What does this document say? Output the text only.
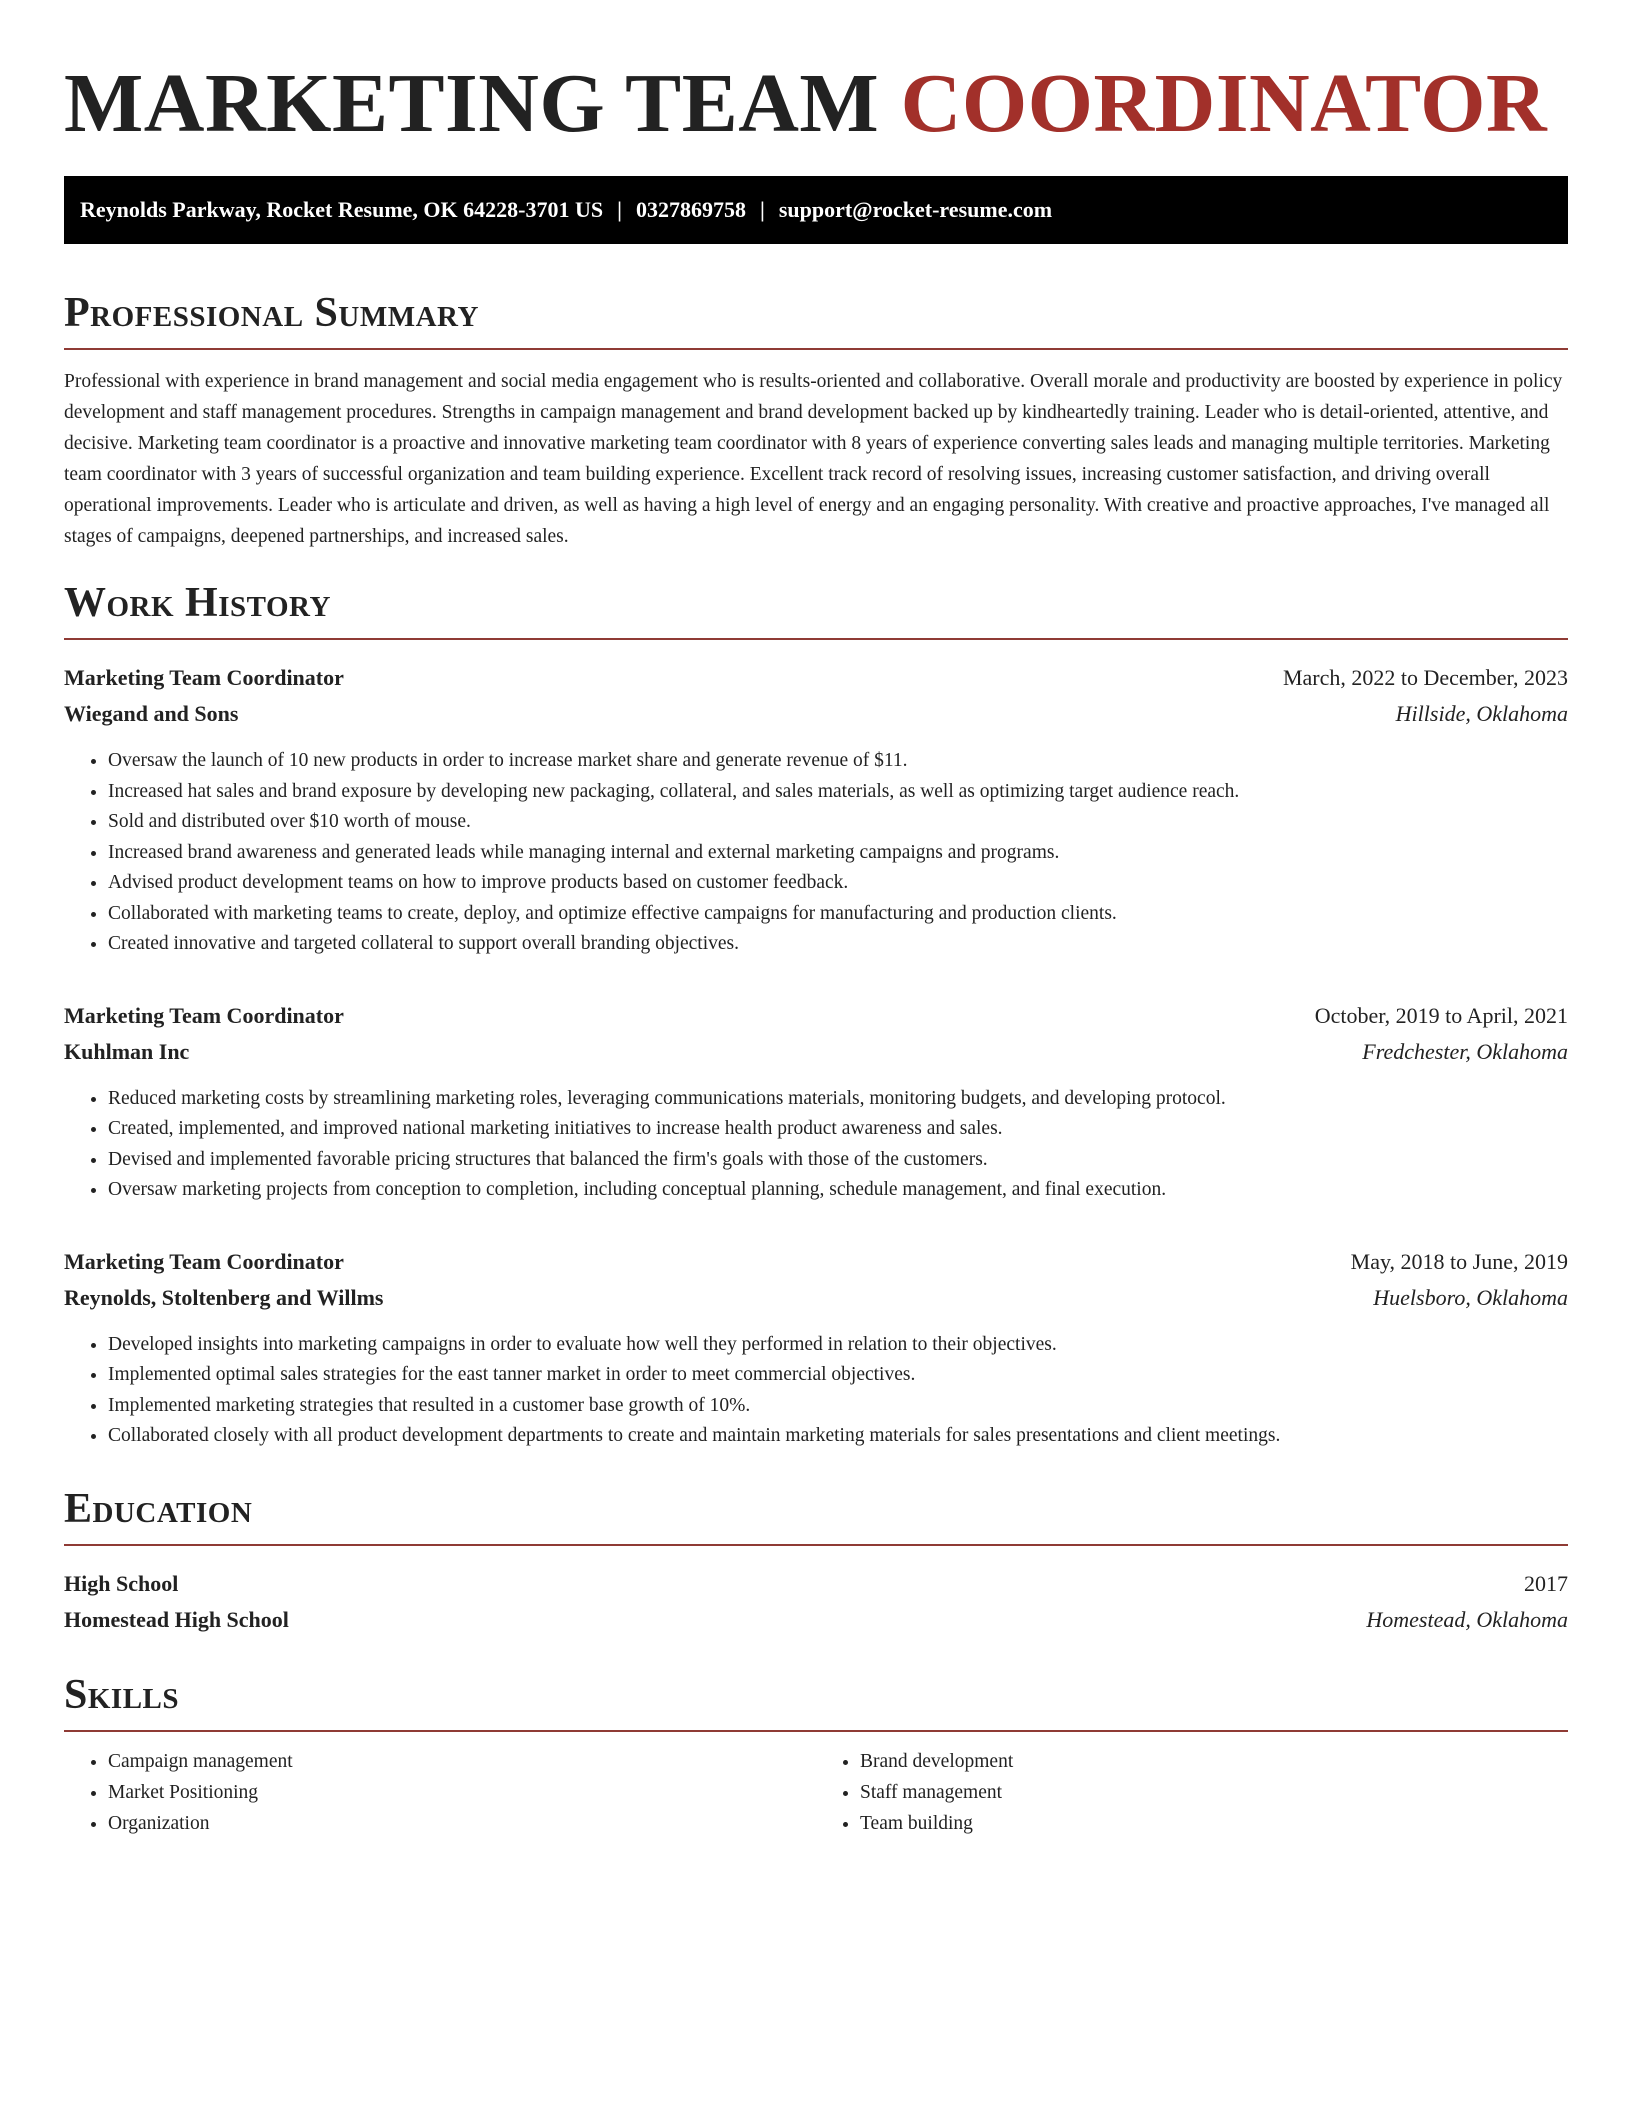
MARKETING TEAM COORDINATOR
Reynolds Parkway, Rocket Resume, OK 64228-3701 US | 0327869758 | support@rocket-resume.com
Professional Summary

Professional with experience in brand management and social media engagement who is results-oriented and collaborative. Overall morale and productivity are boosted by experience in policy development and staff management procedures. Strengths in campaign management and brand development backed up by kindheartedly training. Leader who is detail-oriented, attentive, and decisive. Marketing team coordinator is a proactive and innovative marketing team coordinator with 8 years of experience converting sales leads and managing multiple territories. Marketing team coordinator with 3 years of successful organization and team building experience. Excellent track record of resolving issues, increasing customer satisfaction, and driving overall operational improvements. Leader who is articulate and driven, as well as having a high level of energy and an engaging personality. With creative and proactive approaches, I've managed all stages of campaigns, deepened partnerships, and increased sales.

Work History
Marketing Team Coordinator	March, 2022 to December, 2023
Wiegand and Sons	Hillside, Oklahoma
• Oversaw the launch of 10 new products in order to increase market share and generate revenue of $11.
• Increased hat sales and brand exposure by developing new packaging, collateral, and sales materials, as well as optimizing target audience reach.
• Sold and distributed over $10 worth of mouse.
• Increased brand awareness and generated leads while managing internal and external marketing campaigns and programs.
• Advised product development teams on how to improve products based on customer feedback.
• Collaborated with marketing teams to create, deploy, and optimize effective campaigns for manufacturing and production clients.
• Created innovative and targeted collateral to support overall branding objectives.
Marketing Team Coordinator	October, 2019 to April, 2021
Kuhlman Inc	Fredchester, Oklahoma
• Reduced marketing costs by streamlining marketing roles, leveraging communications materials, monitoring budgets, and developing protocol.
• Created, implemented, and improved national marketing initiatives to increase health product awareness and sales.
• Devised and implemented favorable pricing structures that balanced the firm's goals with those of the customers.
• Oversaw marketing projects from conception to completion, including conceptual planning, schedule management, and final execution.
Marketing Team Coordinator	May, 2018 to June, 2019
Reynolds, Stoltenberg and Willms	Huelsboro, Oklahoma
• Developed insights into marketing campaigns in order to evaluate how well they performed in relation to their objectives.
• Implemented optimal sales strategies for the east tanner market in order to meet commercial objectives.
• Implemented marketing strategies that resulted in a customer base growth of 10%.
• Collaborated closely with all product development departments to create and maintain marketing materials for sales presentations and client meetings.
Education
High School	2017
Homestead High School	Homestead, Oklahoma
Skills
• Campaign management
• Market Positioning
• Organization
• Brand development
• Staff management
• Team building
